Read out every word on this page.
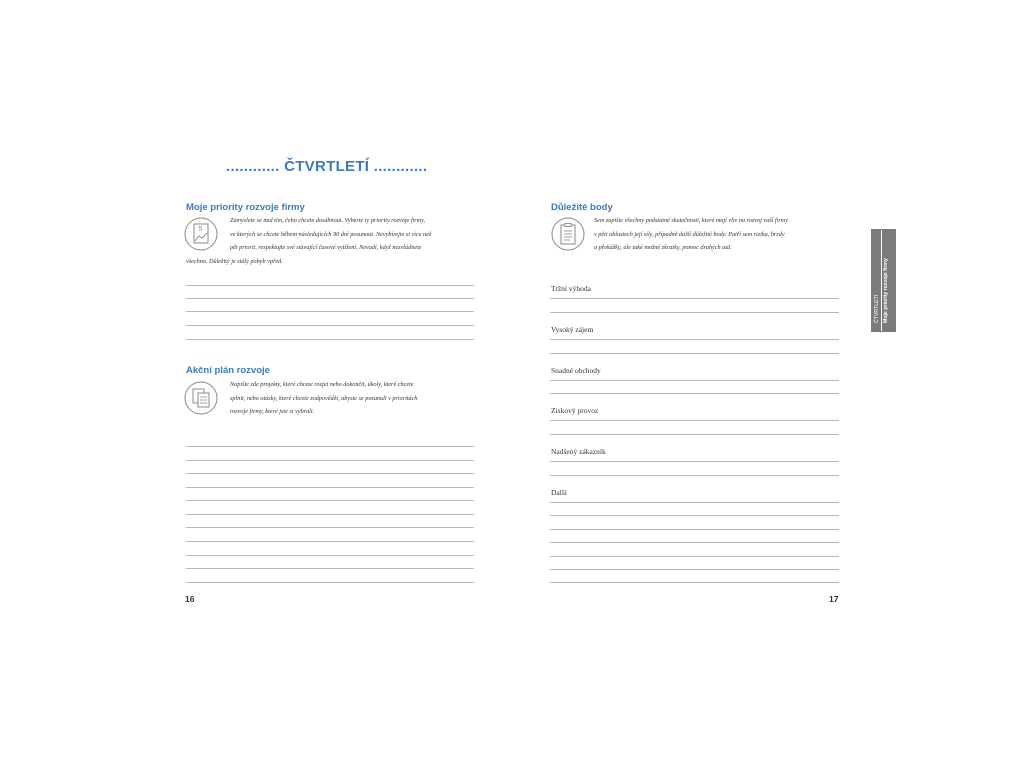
............ ČTVRTLETÍ ............
Moje priority rozvoje firmy
5
Zamyslete se nad tím, čeho chcete dosáhnout. Vyberte ty priority rozvoje firmy,
ve kterých se chcete během následujících 90 dní posunout. Nevybírejte si více než
pět priorit, respektujte své stávající časové vytížení. Nevadí, když nezvládnete
všechno. Důležitý je stálý pohyb vpřed.
Akční plán rozvoje
Napište zde projekty, které chcete rozjet nebo dokončit, úkoly, které chcete
splnit, nebo otázky, které chcete zodpovědět, abyste se posunuli v prioritách
rozvoje firmy, které jste si vybrali.
16
Důležité body
Sem zapište všechny podstatné skutečnosti, které mají vliv na rozvoj vaší firmy
v pěti oblastech její síly, případně další důležité body. Patří sem rizika, brzdy
a překážky, ale také možné zkratky, pomoc druhých atd.
Tržní výhoda
Vysoký zájem
Snadné obchody
Ziskový provoz
Nadšený zákazník
Další
17
ČTVRTLETÍ Moje priority rozvoje firmy
